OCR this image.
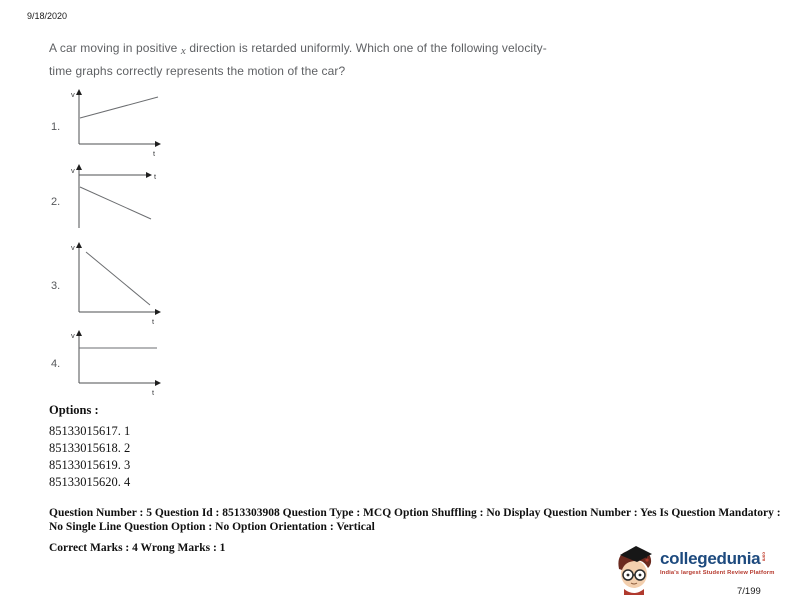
9/18/2020
A car moving in positive x direction is retarded uniformly. Which one of the following velocity-time graphs correctly represents the motion of the car?
1.
v
t
2.
v
t
3.
v
t
4.
v
t

Options :

85133015617. 1

85133015618. 2

85133015619. 3

85133015620. 4

Question Number : 5 Question Id : 8513303908 Question Type : MCQ Option Shuffling : No Display Question Number : Yes Is Question Mandatory : No Single Line Question Option : No Option Orientation : Vertical
Correct Marks : 4 Wrong Marks : 1
collegedunia com
India's largest Student Review Platform
7/199
